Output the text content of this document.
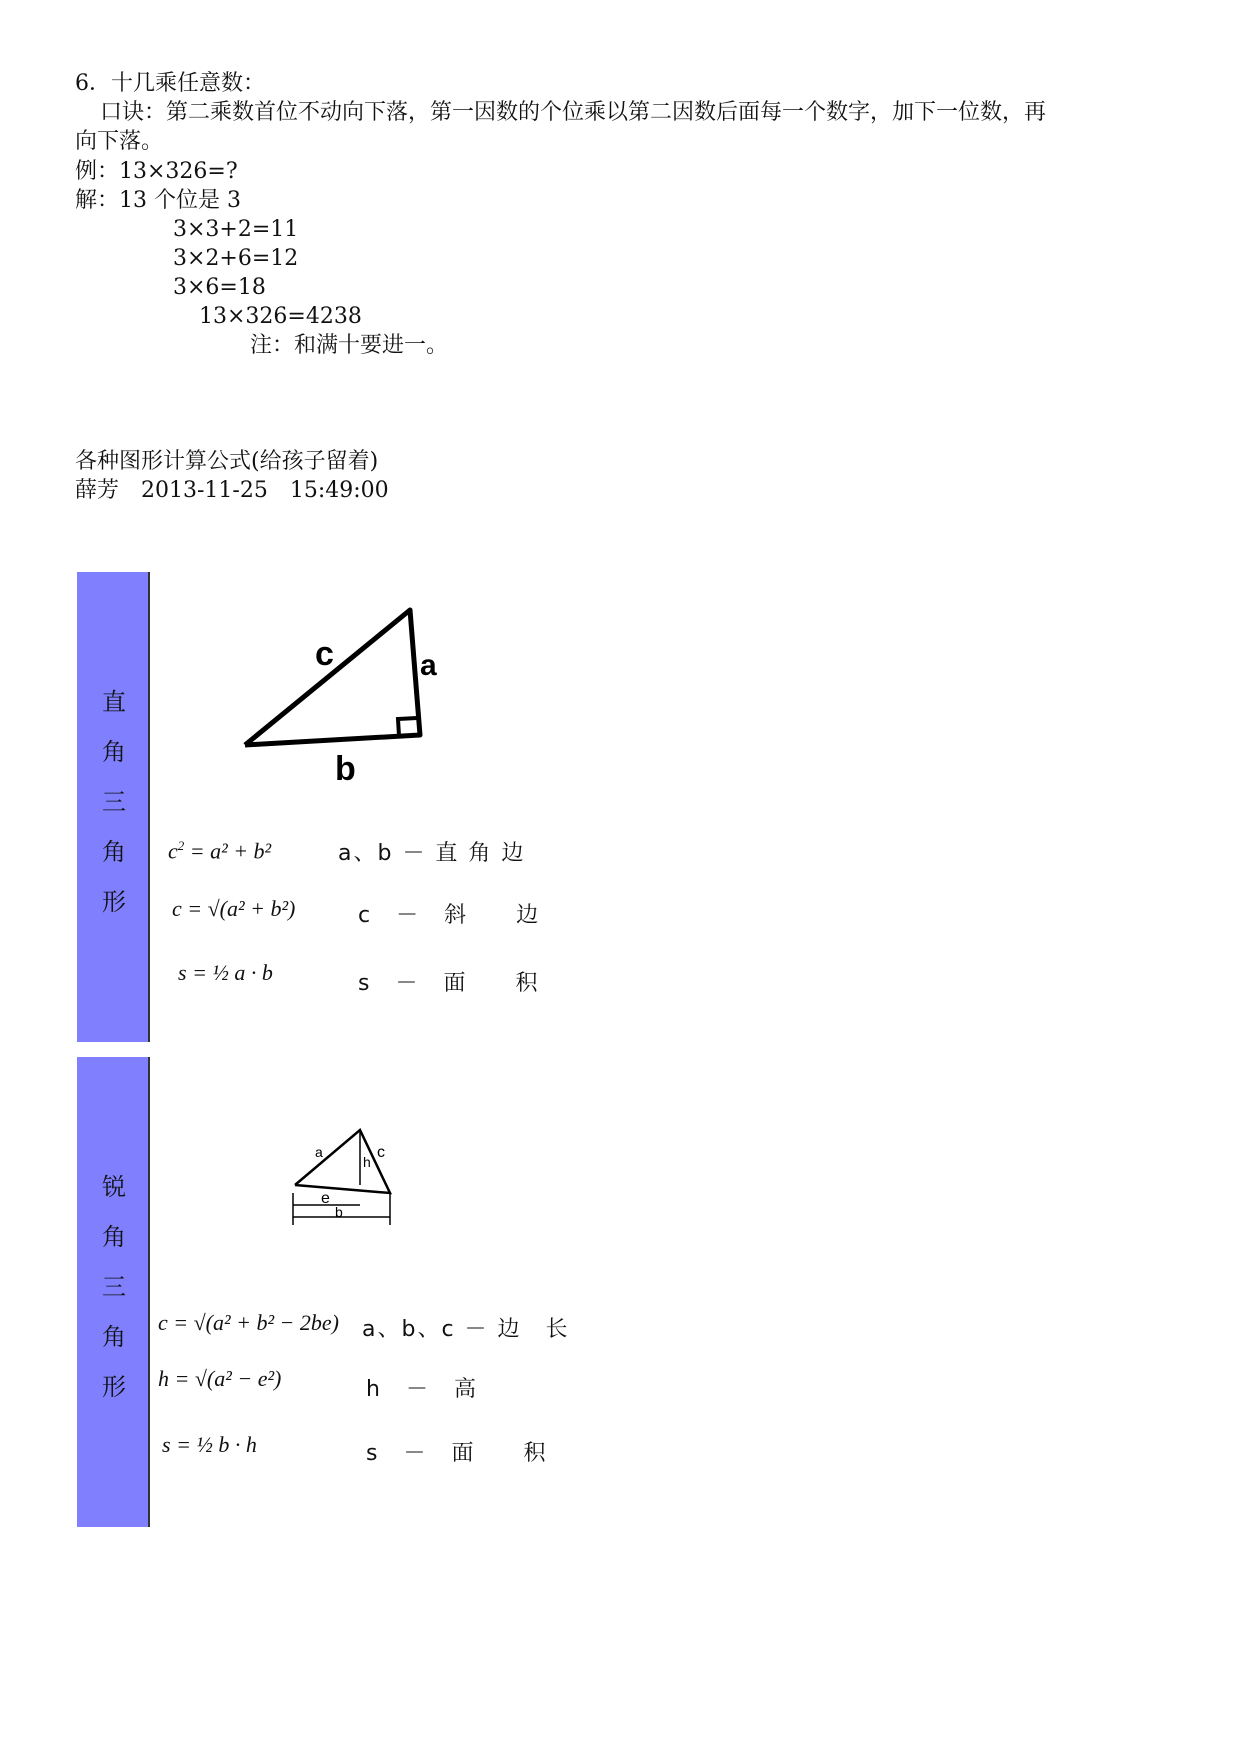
6．十几乘任意数：
口诀：第二乘数首位不动向下落，第一因数的个位乘以第二因数后面每一个数字，加下一位数，再
向下落。
例：13×326=?
解：13 个位是 3
3×3+2=11
3×2+6=12
3×6=18
13×326=4238
注：和满十要进一。
各种图形计算公式(给孩子留着)
薛芳　2013-11-25　15:49:00
直
角
三
角
形
c	a
b
$c^2 = a^2 + b^2$	a、b － 直 角 边
c = √(a² + b²)	c　－　斜　　边
s = ½ a · b	s　－　面　　积
锐
角
三
角
形
a	c
h
e
b
c = √(a² + b² − 2be) a、b、c － 边　长
h = √(a² − e²)	h　－　高
s = ½ b · h	s　－　面　　积
